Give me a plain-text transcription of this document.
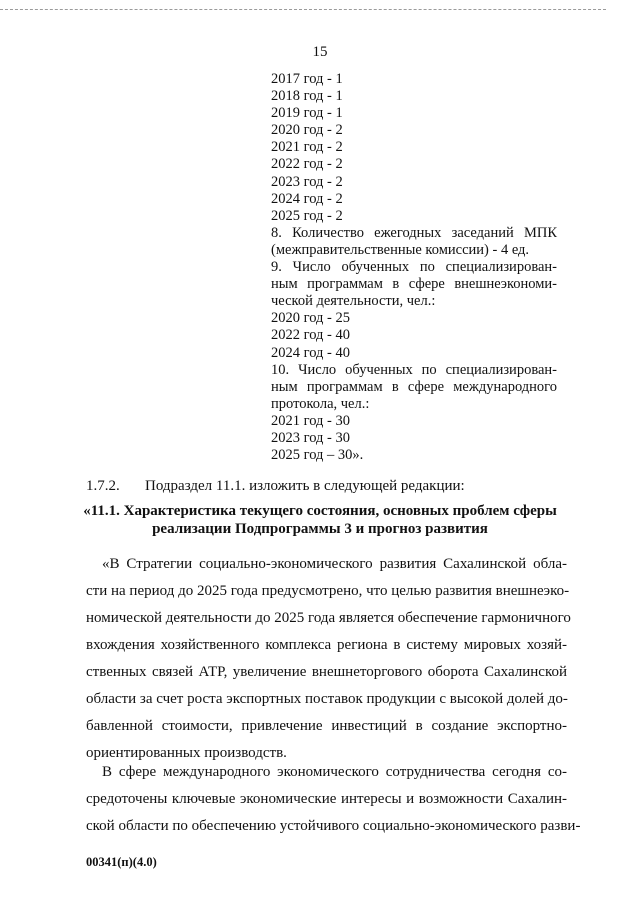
15
2017 год - 1
2018 год - 1
2019 год - 1
2020 год - 2
2021 год - 2
2022 год - 2
2023 год - 2
2024 год - 2
2025 год - 2
8. Количество ежегодных заседаний МПК
(межправительственные комиссии) - 4 ед.
9. Число обученных по специализирован-
ным программам в сфере внешнеэкономи-
ческой деятельности, чел.:
2020 год - 25
2022 год - 40
2024 год - 40
10. Число обученных по специализирован-
ным программам в сфере международного
протокола, чел.:
2021 год - 30
2023 год - 30
2025 год – 30».
1.7.2. Подраздел 11.1. изложить в следующей редакции:
«11.1. Характеристика текущего состояния, основных проблем сферы
реализации Подпрограммы 3 и прогноз развития
«В Стратегии социально-экономического развития Сахалинской обла-
сти на период до 2025 года предусмотрено, что целью развития внешнеэко-
номической деятельности до 2025 года является обеспечение гармоничного
вхождения хозяйственного комплекса региона в систему мировых хозяй-
ственных связей АТР, увеличение внешнеторгового оборота Сахалинской
области за счет роста экспортных поставок продукции с высокой долей до-
бавленной стоимости, привлечение инвестиций в создание экспортно-
ориентированных производств.
В сфере международного экономического сотрудничества сегодня со-
средоточены ключевые экономические интересы и возможности Сахалин-
ской области по обеспечению устойчивого социально-экономического разви-
00341(п)(4.0)
